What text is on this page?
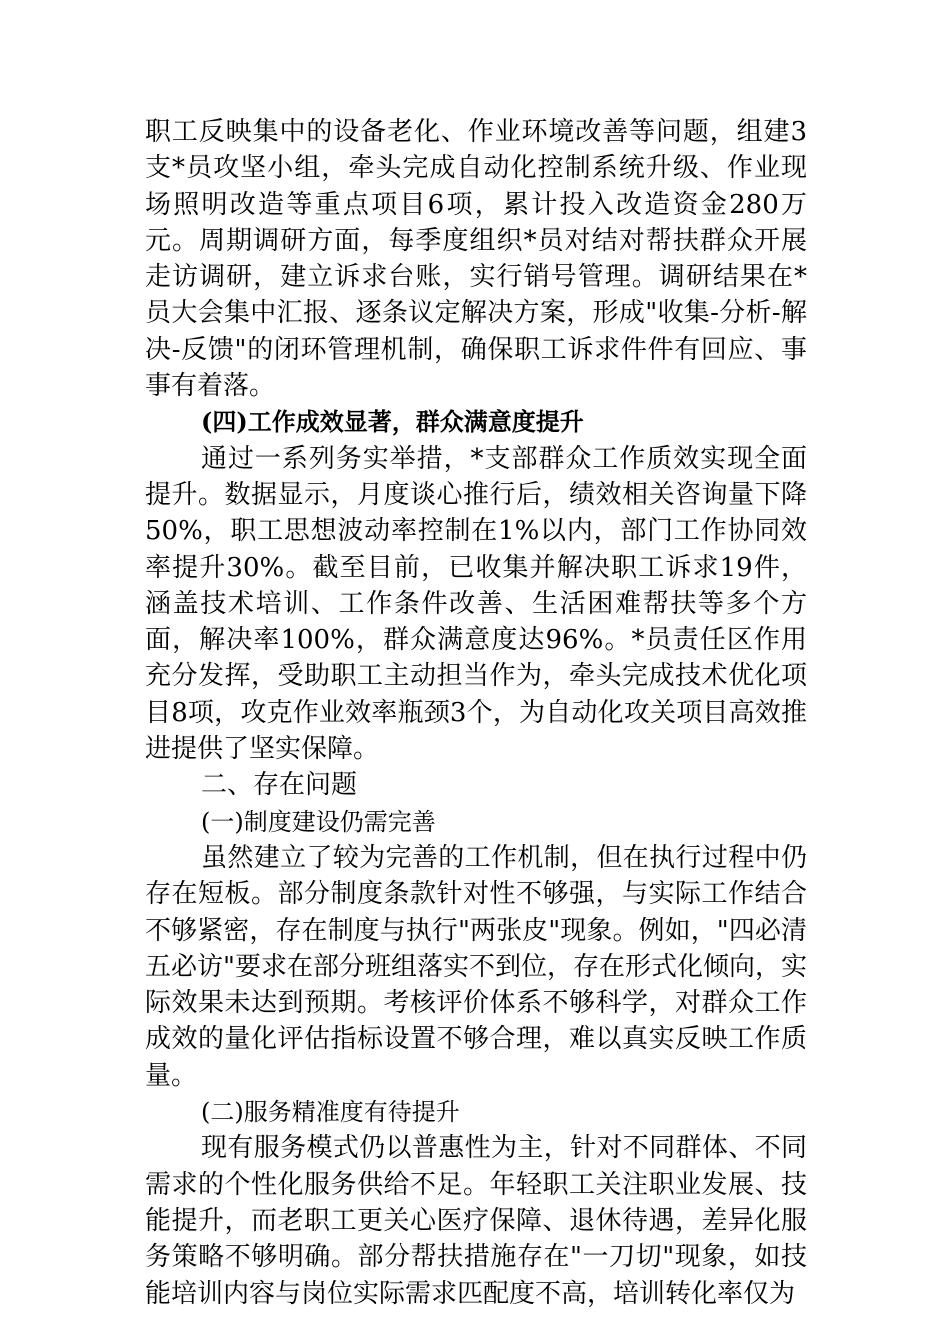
职工反映集中的设备老化、作业环境改善等问题，组建3支*员攻坚小组，牵头完成自动化控制系统升级、作业现场照明改造等重点项目6项，累计投入改造资金280万元。周期调研方面，每季度组织*员对结对帮扶群众开展走访调研，建立诉求台账，实行销号管理。调研结果在*员大会集中汇报、逐条议定解决方案，形成"收集-分析-解决-反馈"的闭环管理机制，确保职工诉求件件有回应、事事有着落。

(四)工作成效显著，群众满意度提升

通过一系列务实举措，*支部群众工作质效实现全面提升。数据显示，月度谈心推行后，绩效相关咨询量下降50%，职工思想波动率控制在1%以内，部门工作协同效率提升30%。截至目前，已收集并解决职工诉求19件，涵盖技术培训、工作条件改善、生活困难帮扶等多个方面，解决率100%，群众满意度达96%。*员责任区作用充分发挥，受助职工主动担当作为，牵头完成技术优化项目8项，攻克作业效率瓶颈3个，为自动化攻关项目高效推进提供了坚实保障。

二、存在问题

(一)制度建设仍需完善

虽然建立了较为完善的工作机制，但在执行过程中仍存在短板。部分制度条款针对性不够强，与实际工作结合不够紧密，存在制度与执行"两张皮"现象。例如，"四必清五必访"要求在部分班组落实不到位，存在形式化倾向，实际效果未达到预期。考核评价体系不够科学，对群众工作成效的量化评估指标设置不够合理，难以真实反映工作质量。

(二)服务精准度有待提升

现有服务模式仍以普惠性为主，针对不同群体、不同需求的个性化服务供给不足。年轻职工关注职业发展、技能提升，而老职工更关心医疗保障、退休待遇，差异化服务策略不够明确。部分帮扶措施存在"一刀切"现象，如技能培训内容与岗位实际需求匹配度不高，培训转化率仅为
